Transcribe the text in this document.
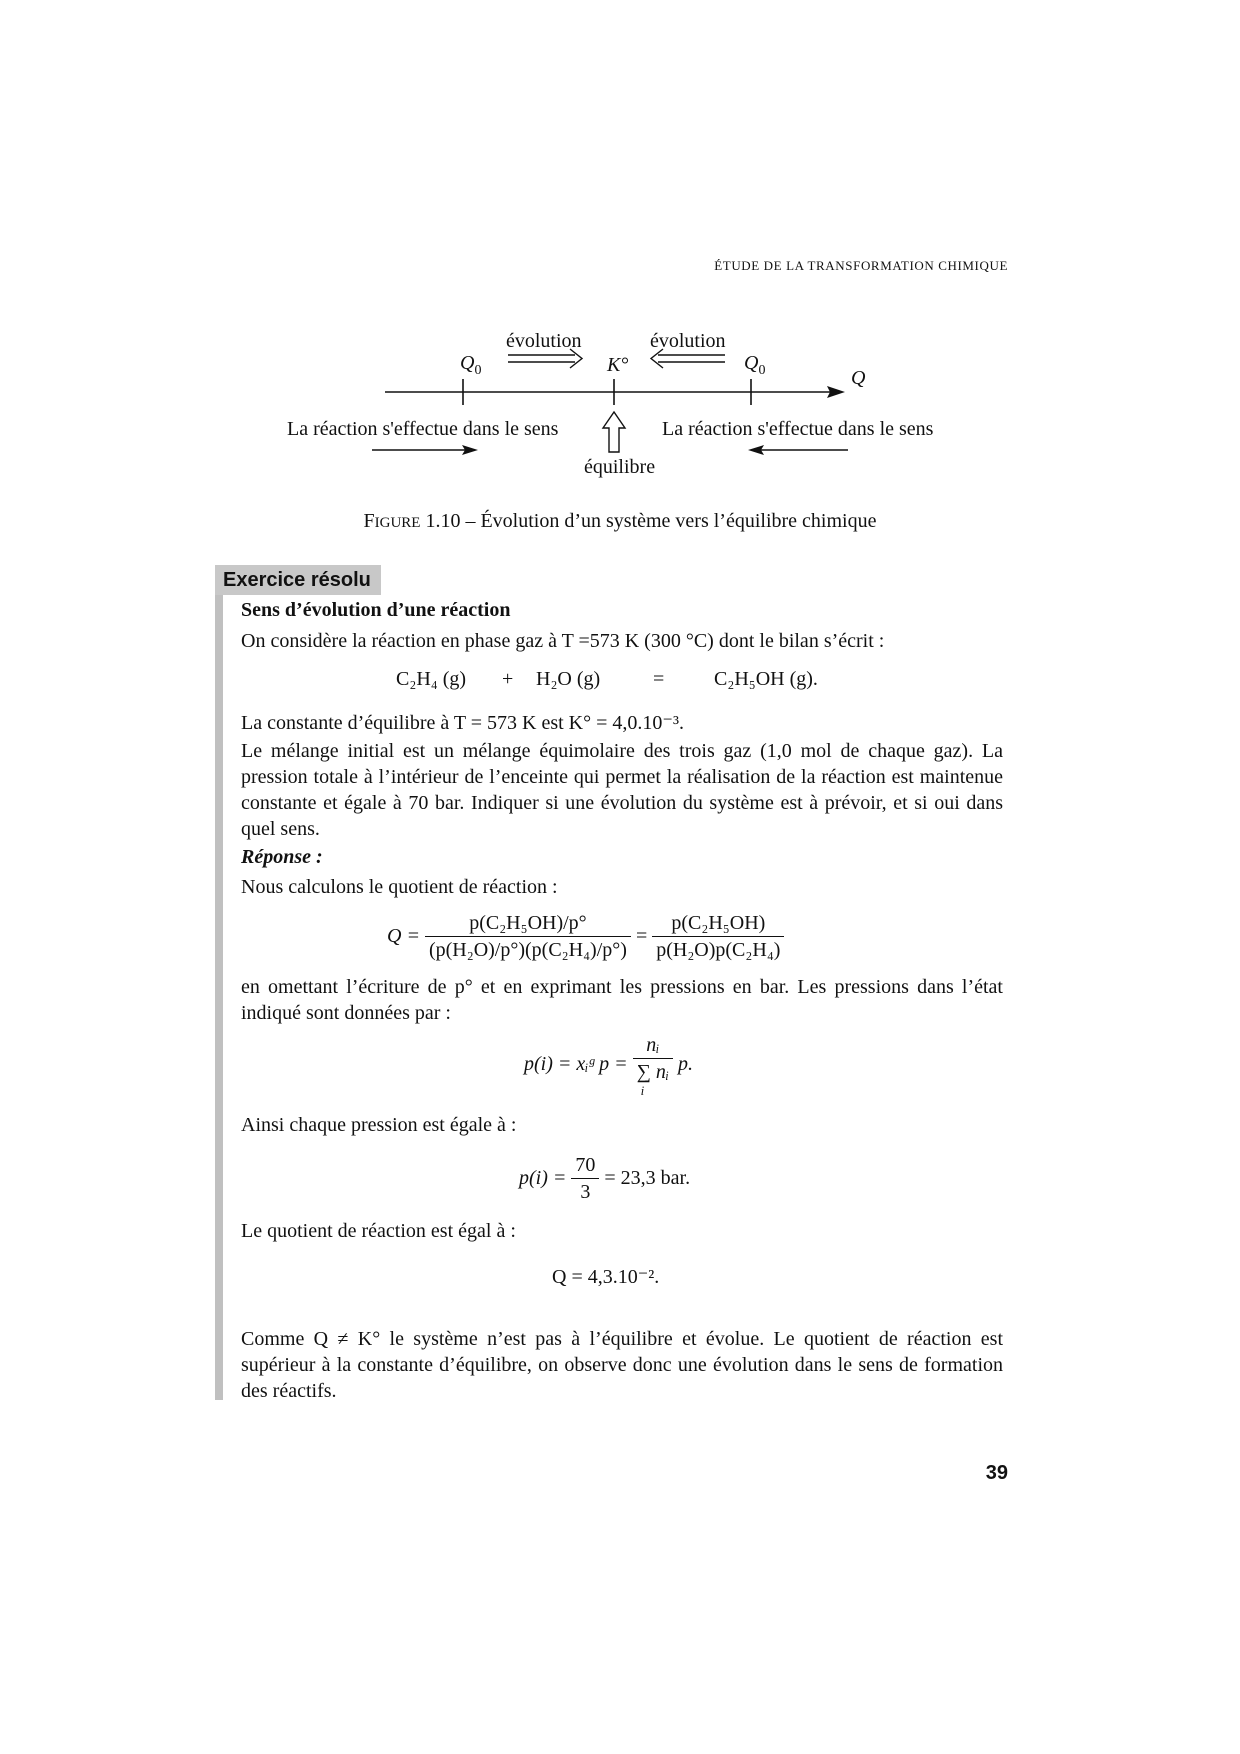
ÉTUDE DE LA TRANSFORMATION CHIMIQUE
évolution	évolution
$Q_0$	K°	$Q_0$	Q
La réaction s'effectue dans le sens	La réaction s'effectue dans le sens
équilibre
FIGURE 1.10 – Évolution d’un système vers l’équilibre chimique
Exercice résolu
Sens d’évolution d’une réaction
On considère la réaction en phase gaz à T =573 K (300 °C) dont le bilan s’écrit :
C₂H₄ (g) + H₂O (g)	= C₂H₅OH (g).
La constante d’équilibre à T = 573 K est K° = 4,0.10⁻³.
Le mélange initial est un mélange équimolaire des trois gaz (1,0 mol de chaque gaz). La pression totale à l’intérieur de l’enceinte qui permet la réalisation de la réaction est maintenue constante et égale à 70 bar. Indiquer si une évolution du système est à prévoir, et si oui dans quel sens.
Réponse :
Nous calculons le quotient de réaction :
$Q = \frac{\text{p(C₂H₅OH)/p°}}{\text{(p(H₂O)/p°)(p(C₂H₄)/p°)}} = \frac{\text{p(C₂H₅OH)}}{\text{p(H₂O)p(C₂H₄)}}$
en omettant l’écriture de p° et en exprimant les pressions en bar. Les pressions dans l’état indiqué sont données par :
p(i) = xᵢᵍ p =
nᵢ
∑ nᵢ
i
p.
Ainsi chaque pression est égale à :
$p(i) = \frac{70}{3} = 23,3$ bar.
Le quotient de réaction est égal à :
Q = 4,3.10⁻².
Comme Q ≠ K° le système n’est pas à l’équilibre et évolue. Le quotient de réaction est supérieur à la constante d’équilibre, on observe donc une évolution dans le sens de formation des réactifs.
39
